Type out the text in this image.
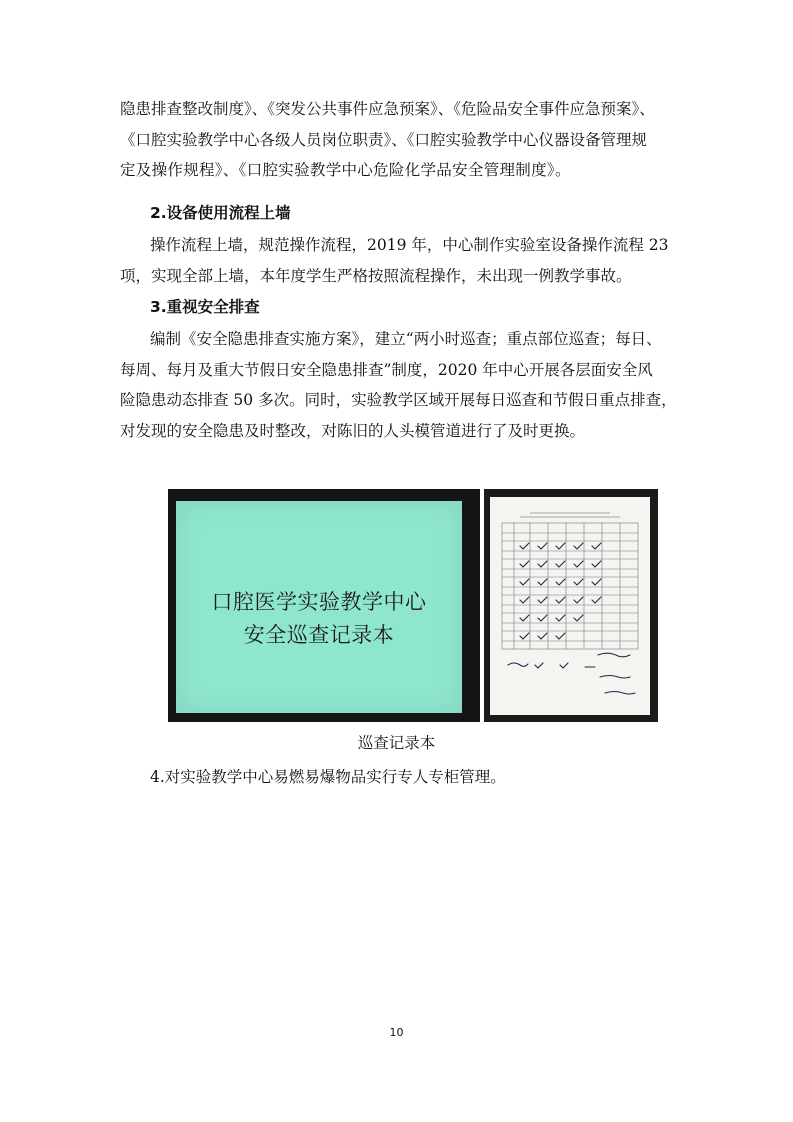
隐患排查整改制度》、《突发公共事件应急预案》、《危险品安全事件应急预案》、
《口腔实验教学中心各级人员岗位职责》、《口腔实验教学中心仪器设备管理规
定及操作规程》、《口腔实验教学中心危险化学品安全管理制度》。
2.设备使用流程上墙
操作流程上墙，规范操作流程，2019 年，中心制作实验室设备操作流程 23
项，实现全部上墙，本年度学生严格按照流程操作，未出现一例教学事故。
3.重视安全排查
编制《安全隐患排查实施方案》，建立“两小时巡查；重点部位巡查；每日、
每周、每月及重大节假日安全隐患排查”制度，2020 年中心开展各层面安全风
险隐患动态排查 50 多次。同时，实验教学区域开展每日巡查和节假日重点排查，
对发现的安全隐患及时整改，对陈旧的人头模管道进行了及时更换。
口腔医学实验教学中心
安全巡查记录本
巡查记录本
4.对实验教学中心易燃易爆物品实行专人专柜管理。
10
